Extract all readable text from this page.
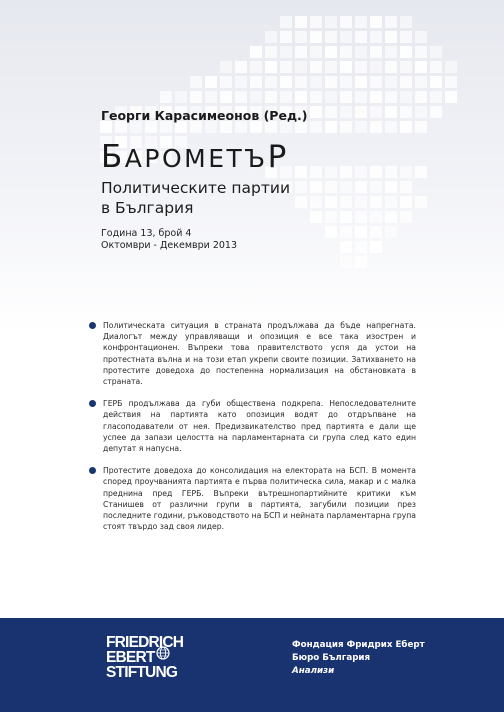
Георги Карасимеонов (Ред.)
БАРОМЕТЪР
Политическите партии
в България
Година 13, брой 4
Октомври - Декември 2013
Политическата ситуация в страната продължава да бъде напрегната. Диалогът между управляващи и опозиция е все така изострен и конфронтационен. Въпреки това правителството успя да устои на протестната вълна и на този етап укрепи своите позиции. Затихването на протестите доведоха до постепенна нормализация на обстановката в страната.
ГЕРБ продължава да губи обществена подкрепа. Непоследователните действия на партията като опозиция водят до отдръпване на гласоподаватели от нея. Предизвикателство пред партията е дали ще успее да запази целостта на парламентарната си група след като един депутат я напусна.
Протестите доведоха до консолидация на електората на БСП. В момента според проучванията партията е първа политическа сила, макар и с малка преднина пред ГЕРБ. Въпреки вътрешнопартийните критики към Станишев от различни групи в партията, загубили позиции през последните години, ръководството на БСП и нейната парламентарна група стоят твърдо зад своя лидер.
FRIEDRICH
EBERT
STIFTUNG
Фондация Фридрих Еберт
Бюро България
Анализи
